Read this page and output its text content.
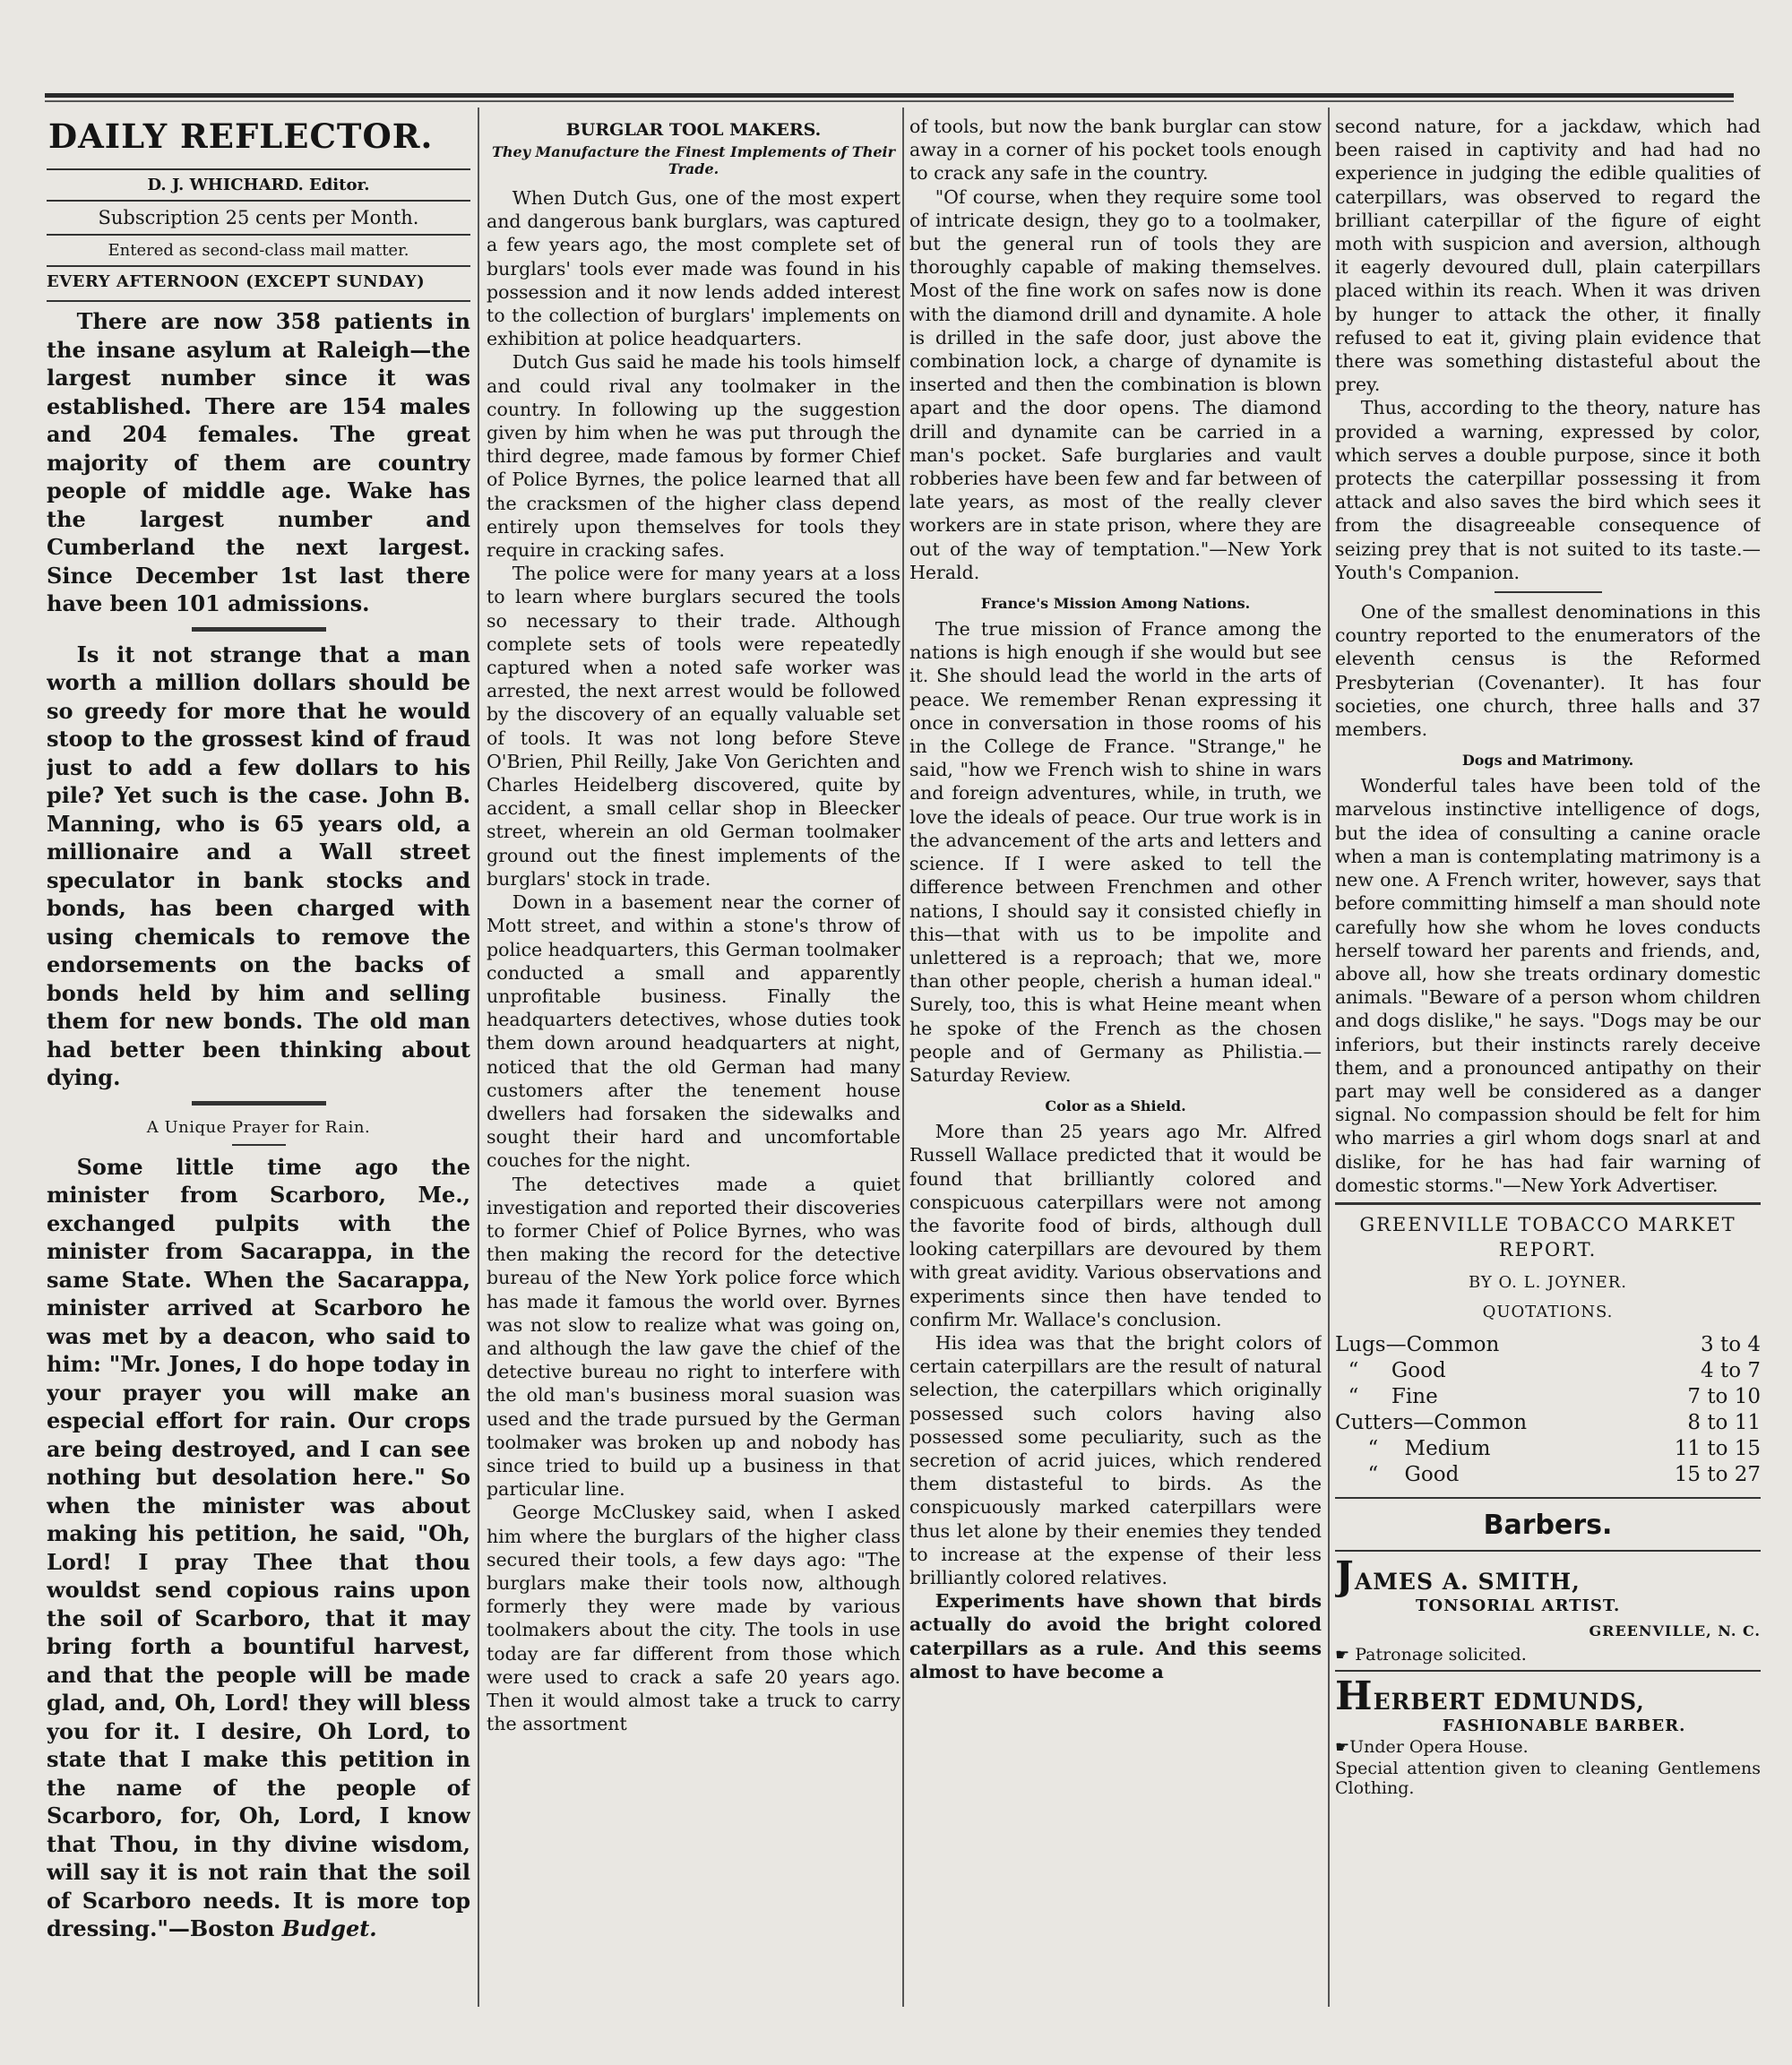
DAILY REFLECTOR.
D. J. WHICHARD. Editor.
Subscription 25 cents per Month.
Entered as second-class mail matter.
EVERY AFTERNOON (EXCEPT SUNDAY)

There are now 358 patients in the insane asylum at Raleigh—the largest number since it was established. There are 154 males and 204 females. The great majority of them are country people of middle age. Wake has the largest number and Cumberland the next largest. Since December 1st last there have been 101 admissions.

Is it not strange that a man worth a million dollars should be so greedy for more that he would stoop to the grossest kind of fraud just to add a few dollars to his pile? Yet such is the case. John B. Manning, who is 65 years old, a millionaire and a Wall street speculator in bank stocks and bonds, has been charged with using chemicals to remove the endorsements on the backs of bonds held by him and selling them for new bonds. The old man had better been thinking about dying.

A Unique Prayer for Rain.

Some little time ago the minister from Scarboro, Me., exchanged pulpits with the minister from Sacarappa, in the same State. When the Sacarappa, minister arrived at Scarboro he was met by a deacon, who said to him: "Mr. Jones, I do hope today in your prayer you will make an especial effort for rain. Our crops are being destroyed, and I can see nothing but desolation here." So when the minister was about making his petition, he said, "Oh, Lord! I pray Thee that thou wouldst send copious rains upon the soil of Scarboro, that it may bring forth a bountiful harvest, and that the people will be made glad, and, Oh, Lord! they will bless you for it. I desire, Oh Lord, to state that I make this petition in the name of the people of Scarboro, for, Oh, Lord, I know that Thou, in thy divine wisdom, will say it is not rain that the soil of Scarboro needs. It is more top dressing."—Boston Budget.

BURGLAR TOOL MAKERS.
They Manufacture the Finest Implements of Their Trade.

When Dutch Gus, one of the most expert and dangerous bank burglars, was captured a few years ago, the most complete set of burglars' tools ever made was found in his possession and it now lends added interest to the collection of burglars' implements on exhibition at police headquarters.

Dutch Gus said he made his tools himself and could rival any toolmaker in the country. In following up the suggestion given by him when he was put through the third degree, made famous by former Chief of Police Byrnes, the police learned that all the cracksmen of the higher class depend entirely upon themselves for tools they require in cracking safes.

The police were for many years at a loss to learn where burglars secured the tools so necessary to their trade. Although complete sets of tools were repeatedly captured when a noted safe worker was arrested, the next arrest would be followed by the discovery of an equally valuable set of tools. It was not long before Steve O'Brien, Phil Reilly, Jake Von Gerichten and Charles Heidelberg discovered, quite by accident, a small cellar shop in Bleecker street, wherein an old German toolmaker ground out the finest implements of the burglars' stock in trade.

Down in a basement near the corner of Mott street, and within a stone's throw of police headquarters, this German toolmaker conducted a small and apparently unprofitable business. Finally the headquarters detectives, whose duties took them down around headquarters at night, noticed that the old German had many customers after the tenement house dwellers had forsaken the sidewalks and sought their hard and uncomfortable couches for the night.

The detectives made a quiet investigation and reported their discoveries to former Chief of Police Byrnes, who was then making the record for the detective bureau of the New York police force which has made it famous the world over. Byrnes was not slow to realize what was going on, and although the law gave the chief of the detective bureau no right to interfere with the old man's business moral suasion was used and the trade pursued by the German toolmaker was broken up and nobody has since tried to build up a business in that particular line.

George McCluskey said, when I asked him where the burglars of the higher class secured their tools, a few days ago: "The burglars make their tools now, although formerly they were made by various toolmakers about the city. The tools in use today are far different from those which were used to crack a safe 20 years ago. Then it would almost take a truck to carry the assortment

of tools, but now the bank burglar can stow away in a corner of his pocket tools enough to crack any safe in the country.

"Of course, when they require some tool of intricate design, they go to a toolmaker, but the general run of tools they are thoroughly capable of making themselves. Most of the fine work on safes now is done with the diamond drill and dynamite. A hole is drilled in the safe door, just above the combination lock, a charge of dynamite is inserted and then the combination is blown apart and the door opens. The diamond drill and dynamite can be carried in a man's pocket. Safe burglaries and vault robberies have been few and far between of late years, as most of the really clever workers are in state prison, where they are out of the way of temptation."—New York Herald.

France's Mission Among Nations.

The true mission of France among the nations is high enough if she would but see it. She should lead the world in the arts of peace. We remember Renan expressing it once in conversation in those rooms of his in the College de France. "Strange," he said, "how we French wish to shine in wars and foreign adventures, while, in truth, we love the ideals of peace. Our true work is in the advancement of the arts and letters and science. If I were asked to tell the difference between Frenchmen and other nations, I should say it consisted chiefly in this—that with us to be impolite and unlettered is a reproach; that we, more than other people, cherish a human ideal." Surely, too, this is what Heine meant when he spoke of the French as the chosen people and of Germany as Philistia.—Saturday Review.

Color as a Shield.

More than 25 years ago Mr. Alfred Russell Wallace predicted that it would be found that brilliantly colored and conspicuous caterpillars were not among the favorite food of birds, although dull looking caterpillars are devoured by them with great avidity. Various observations and experiments since then have tended to confirm Mr. Wallace's conclusion.

His idea was that the bright colors of certain caterpillars are the result of natural selection, the caterpillars which originally possessed such colors having also possessed some peculiarity, such as the secretion of acrid juices, which rendered them distasteful to birds. As the conspicuously marked caterpillars were thus let alone by their enemies they tended to increase at the expense of their less brilliantly colored relatives.

Experiments have shown that birds actually do avoid the bright colored caterpillars as a rule. And this seems almost to have become a

second nature, for a jackdaw, which had been raised in captivity and had had no experience in judging the edible qualities of caterpillars, was observed to regard the brilliant caterpillar of the figure of eight moth with suspicion and aversion, although it eagerly devoured dull, plain caterpillars placed within its reach. When it was driven by hunger to attack the other, it finally refused to eat it, giving plain evidence that there was something distasteful about the prey.

Thus, according to the theory, nature has provided a warning, expressed by color, which serves a double purpose, since it both protects the caterpillar possessing it from attack and also saves the bird which sees it from the disagreeable consequence of seizing prey that is not suited to its taste.—Youth's Companion.

One of the smallest denominations in this country reported to the enumerators of the eleventh census is the Reformed Presbyterian (Covenanter). It has four societies, one church, three halls and 37 members.

Dogs and Matrimony.

Wonderful tales have been told of the marvelous instinctive intelligence of dogs, but the idea of consulting a canine oracle when a man is contemplating matrimony is a new one. A French writer, however, says that before committing himself a man should note carefully how she whom he loves conducts herself toward her parents and friends, and, above all, how she treats ordinary domestic animals. "Beware of a person whom children and dogs dislike," he says. "Dogs may be our inferiors, but their instincts rarely deceive them, and a pronounced antipathy on their part may well be considered as a danger signal. No compassion should be felt for him who marries a girl whom dogs snarl at and dislike, for he has had fair warning of domestic storms."—New York Advertiser.

GREENVILLE TOBACCO MARKET REPORT.
BY O. L. JOYNER.
QUOTATIONS.
Lugs—Common	3 to 4
“     Good	4 to 7
“     Fine	7 to 10
Cutters—Common	8 to 11
“    Medium	11 to 15
“    Good	15 to 27
Barbers.
JAMES A. SMITH,
TONSORIAL ARTIST.
GREENVILLE, N. C.
☛ Patronage solicited.
HERBERT EDMUNDS,
FASHIONABLE BARBER.
☛Under Opera House.
Special attention given to cleaning Gentlemens Clothing.
